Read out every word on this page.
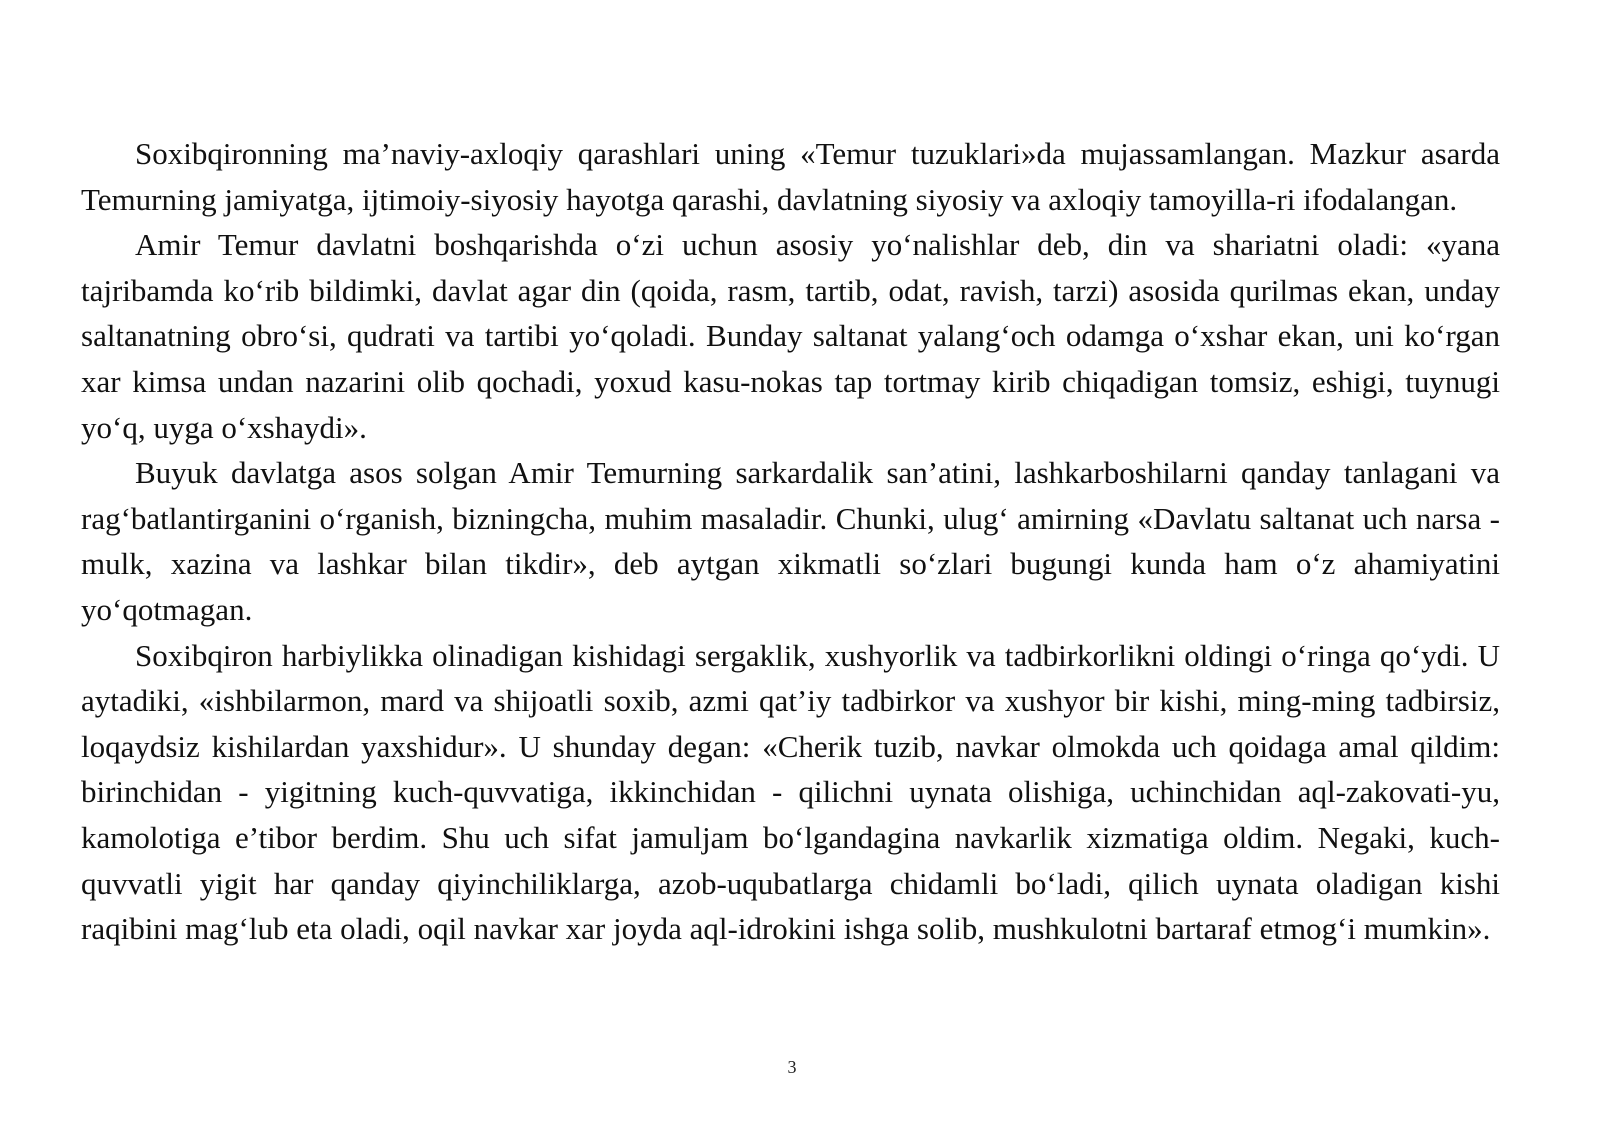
Soxibqironning ma’naviy-axloqiy qarashlari uning «Temur tuzuklari»da mujassamlangan. Mazkur asarda Temurning jamiyatga, ijtimoiy-siyosiy hayotga qarashi, davlatning siyosiy va axloqiy tamoyilla-ri ifodalangan.

Amir Temur davlatni boshqarishda o‘zi uchun asosiy yo‘nalishlar deb, din va shariatni oladi: «yana tajribamda ko‘rib bildimki, davlat agar din (qoida, rasm, tartib, odat, ravish, tarzi) asosida qurilmas ekan, unday saltanatning obro‘si, qudrati va tartibi yo‘qoladi. Bunday saltanat yalang‘och odamga o‘xshar ekan, uni ko‘rgan xar kimsa undan nazarini olib qochadi, yoxud kasu-nokas tap tortmay kirib chiqadigan tomsiz, eshigi, tuynugi yo‘q, uyga o‘xshaydi».

Buyuk davlatga asos solgan Amir Temurning sarkardalik san’atini, lashkarboshilarni qanday tanlagani va rag‘batlantirganini o‘rganish, bizningcha, muhim masaladir. Chunki, ulug‘ amirning «Davlatu saltanat uch narsa - mulk, xazina va lashkar bilan tikdir», deb aytgan xikmatli so‘zlari bugungi kunda ham o‘z ahamiyatini yo‘qotmagan.

Soxibqiron harbiylikka olinadigan kishidagi sergaklik, xushyorlik va tadbirkorlikni oldingi o‘ringa qo‘ydi. U aytadiki, «ishbilarmon, mard va shijoatli soxib, azmi qat’iy tadbirkor va xushyor bir kishi, ming-ming tadbirsiz, loqaydsiz kishilardan yaxshidur». U shunday degan: «Cherik tuzib, navkar olmokda uch qoidaga amal qildim: birinchidan - yigitning kuch-quvvatiga, ikkinchidan - qilichni uynata olishiga, uchinchidan aql-zakovati-yu, kamolotiga e’tibor berdim. Shu uch sifat jamuljam bo‘lgandagina navkarlik xizmatiga oldim. Negaki, kuch-quvvatli yigit har qanday qiyinchiliklarga, azob-uqubatlarga chidamli bo‘ladi, qilich uynata oladigan kishi raqibini mag‘lub eta oladi, oqil navkar xar joyda aql-idrokini ishga solib, mushkulotni bartaraf etmog‘i mumkin».

3
